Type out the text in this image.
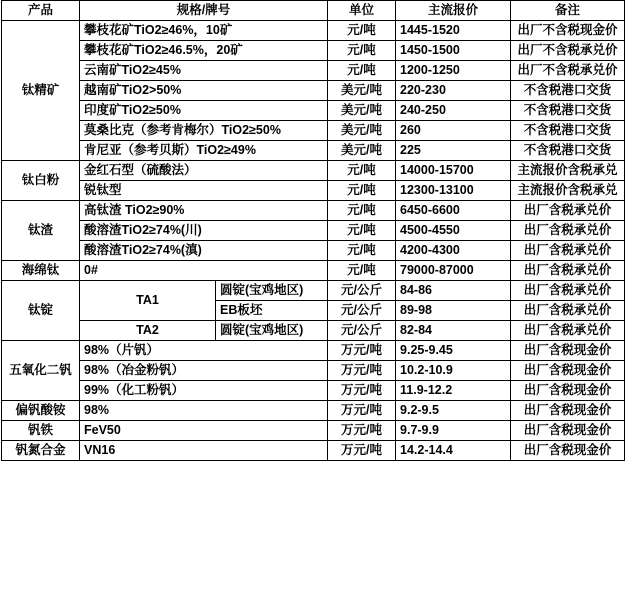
产品	规格/牌号		单位	主流报价	备注
钛精矿	攀枝花矿TiO2≥46%，10矿		元/吨	1445-1520	出厂不含税现金价
	攀枝花矿TiO2≥46.5%，20矿		元/吨	1450-1500	出厂不含税承兑价
	云南矿TiO2≥45%		元/吨	1200-1250	出厂不含税承兑价
	越南矿TiO2>50%		美元/吨	220-230	不含税港口交货
	印度矿TiO2≥50%		美元/吨	240-250	不含税港口交货
	莫桑比克（参考肯梅尔）TiO2≥50%		美元/吨	260	不含税港口交货
	肯尼亚（参考贝斯）TiO2≥49%		美元/吨	225	不含税港口交货
钛白粉	金红石型（硫酸法）		元/吨	14000-15700	主流报价含税承兑
	锐钛型		元/吨	12300-13100	主流报价含税承兑
钛渣	高钛渣 TiO2≥90%		元/吨	6450-6600	出厂含税承兑价
	酸溶渣TiO2≥74%(川)		元/吨	4500-4550	出厂含税承兑价
	酸溶渣TiO2≥74%(滇)		元/吨	4200-4300	出厂含税承兑价
海绵钛	0#		元/吨	79000-87000	出厂含税承兑价
钛锭	TA1	圆锭(宝鸡地区)	元/公斤	84-86	出厂含税承兑价
		EB板坯	元/公斤	89-98	出厂含税承兑价
	TA2	圆锭(宝鸡地区)	元/公斤	82-84	出厂含税承兑价
五氧化二钒	98%（片钒）		万元/吨	9.25-9.45	出厂含税现金价
	98%（冶金粉钒）		万元/吨	10.2-10.9	出厂含税现金价
	99%（化工粉钒）		万元/吨	11.9-12.2	出厂含税现金价
偏钒酸铵	98%		万元/吨	9.2-9.5	出厂含税现金价
钒铁	FeV50		万元/吨	9.7-9.9	出厂含税现金价
钒氮合金	VN16		万元/吨	14.2-14.4	出厂含税现金价
